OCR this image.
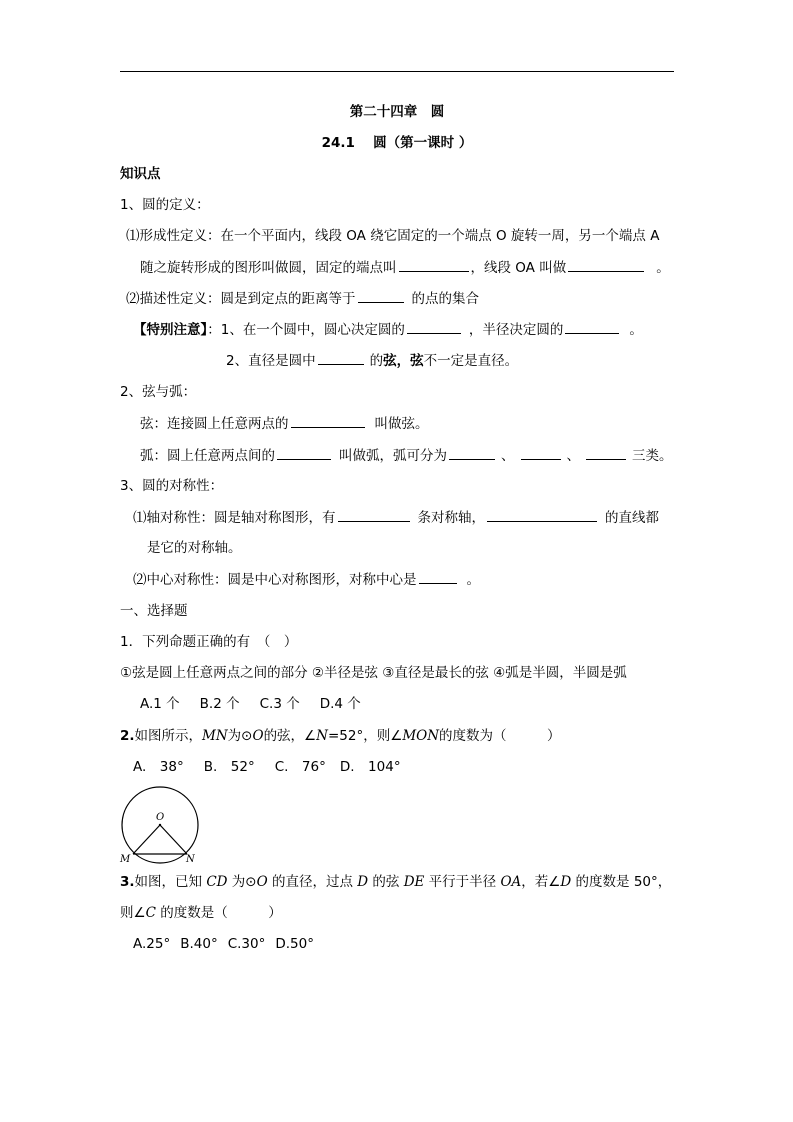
第二十四章　圆
24.1　 圆（第一课时 ）
知识点
1、圆的定义：
⑴形成性定义：在一个平面内，线段 OA 绕它固定的一个端点 O 旋转一周，另一个端点 A
随之旋转形成的图形叫做圆，固定的端点叫	，线段 OA 叫做	。
⑵描述性定义：圆是到定点的距离等于	的点的集合
【特别注意】：1、在一个圆中，圆心决定圆的	，半径决定圆的	。
2、直径是圆中	的弦，弦不一定是直径。
2、弦与弧：
弦：连接圆上任意两点的	叫做弦。
弧：圆上任意两点间的	叫做弧，弧可分为	、	、	三类。
3、圆的对称性：
⑴轴对称性：圆是轴对称图形，有	条对称轴，	的直线都
是它的对称轴。
⑵中心对称性：圆是中心对称图形，对称中心是	。
一、选择题
1．下列命题正确的有　（　）
①弦是圆上任意两点之间的部分 ②半径是弦 ③直径是最长的弦 ④弧是半圆，半圆是弧
A.1 个 B.2 个 C.3 个 D.4 个
2.如图所示，MN为⊙O的弦，∠N=52°，则∠MON的度数为（　　　）
A.　38° B.　52° C.　76° D.　104°
O
M	N
3.如图，已知 CD 为⊙O 的直径，过点 D 的弦 DE 平行于半径 OA，若∠D 的度数是 50°，
则∠C 的度数是（　　　）
A.25° B.40° C.30° D.50°
